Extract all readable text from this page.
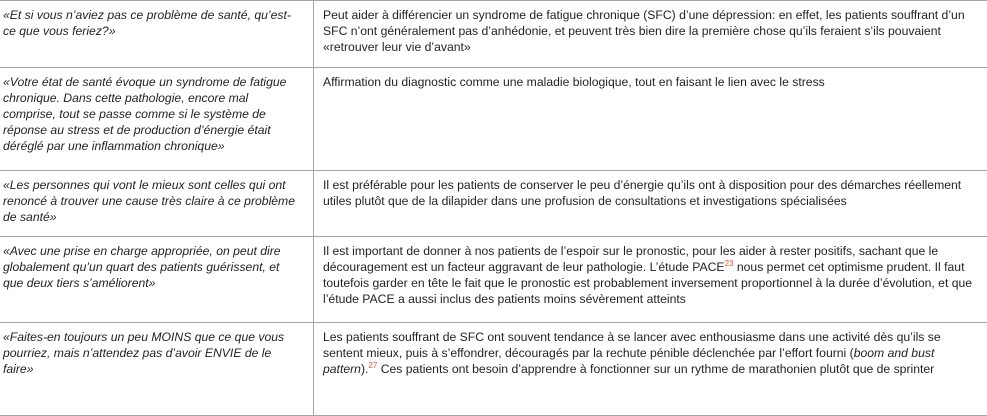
«Et si vous n’aviez pas ce problème de santé, qu’est-ce que vous feriez?»
Peut aider à différencier un syndrome de fatigue chronique (SFC) d’une dépression: en effet, les patients souffrant d’un SFC n’ont généralement pas d’anhédonie, et peuvent très bien dire la première chose qu’ils feraient s’ils pouvaient «retrouver leur vie d’avant»
«Votre état de santé évoque un syndrome de fatigue chronique. Dans cette pathologie, encore mal comprise, tout se passe comme si le système de réponse au stress et de production d’énergie était déréglé par une inflammation chronique»
Affirmation du diagnostic comme une maladie biologique, tout en faisant le lien avec le stress
«Les personnes qui vont le mieux sont celles qui ont renoncé à trouver une cause très claire à ce problème de santé»
Il est préférable pour les patients de conserver le peu d’énergie qu’ils ont à disposition pour des démarches réellement utiles plutôt que de la dilapider dans une profusion de consultations et investigations spécialisées
«Avec une prise en charge appropriée, on peut dire globalement qu’un quart des patients guérissent, et que deux tiers s’améliorent»
Il est important de donner à nos patients de l’espoir sur le pronostic, pour les aider à rester positifs, sachant que le découragement est un facteur aggravant de leur pathologie. L’étude PACE$^{23}$ nous permet cet optimisme prudent. Il faut toutefois garder en tête le fait que le pronostic est probablement inversement proportionnel à la durée d’évolution, et que l’étude PACE a aussi inclus des patients moins sévèrement atteints
«Faites-en toujours un peu MOINS que ce que vous pourriez, mais n’attendez pas d’avoir ENVIE de le faire»
Les patients souffrant de SFC ont souvent tendance à se lancer avec enthousiasme dans une activité dès qu’ils se sentent mieux, puis à s’effondrer, découragés par la rechute pénible déclenchée par l’effort fourni (boom and bust pattern).$^{27}$ Ces patients ont besoin d’apprendre à fonctionner sur un rythme de marathonien plutôt que de sprinter
